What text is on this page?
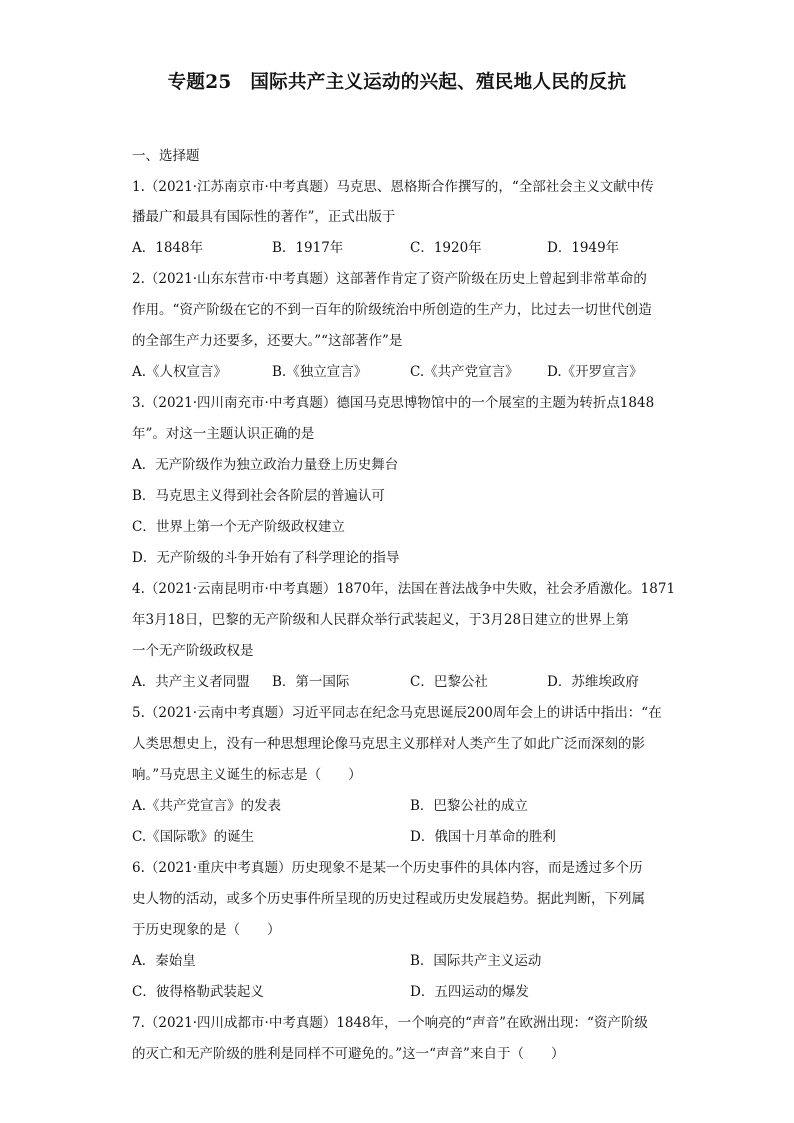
专题25　国际共产主义运动的兴起、殖民地人民的反抗
一、选择题
1.（2021·江苏南京市·中考真题）马克思、恩格斯合作撰写的，“全部社会主义文献中传
播最广和最具有国际性的著作”，正式出版于
A．1848年	B．1917年	C．1920年	D．1949年
2.（2021·山东东营市·中考真题）这部著作肯定了资产阶级在历史上曾起到非常革命的
作用。“资产阶级在它的不到一百年的阶级统治中所创造的生产力，比过去一切世代创造
的全部生产力还要多，还要大。”“这部著作”是
A.《人权宣言》	B.《独立宣言》	C.《共产党宣言》 D.《开罗宣言》
3.（2021·四川南充市·中考真题）德国马克思博物馆中的一个展室的主题为转折点1848
年”。对这一主题认识正确的是
A．无产阶级作为独立政治力量登上历史舞台
B．马克思主义得到社会各阶层的普遍认可
C．世界上第一个无产阶级政权建立
D．无产阶级的斗争开始有了科学理论的指导
4.（2021·云南昆明市·中考真题）1870年，法国在普法战争中失败，社会矛盾激化。1871
年3月18日，巴黎的无产阶级和人民群众举行武装起义，于3月28日建立的世界上第
一个无产阶级政权是
A．共产主义者同盟 B．第一国际	C．巴黎公社	D．苏维埃政府
5.（2021·云南中考真题）习近平同志在纪念马克思诞辰200周年会上的讲话中指出：“在
人类思想史上，没有一种思想理论像马克思主义那样对人类产生了如此广泛而深刻的影
响。”马克思主义诞生的标志是（　　）
A.《共产党宣言》的发表	B．巴黎公社的成立
C.《国际歌》的诞生	D．俄国十月革命的胜利
6.（2021·重庆中考真题）历史现象不是某一个历史事件的具体内容，而是透过多个历
史人物的活动，或多个历史事件所呈现的历史过程或历史发展趋势。据此判断，下列属
于历史现象的是（　　）
A．秦始皇	B．国际共产主义运动
C．彼得格勒武装起义	D．五四运动的爆发
7.（2021·四川成都市·中考真题）1848年，一个响亮的“声音”在欧洲出现：“资产阶级
的灭亡和无产阶级的胜利是同样不可避免的。”这一“声音”来自于（　　）
